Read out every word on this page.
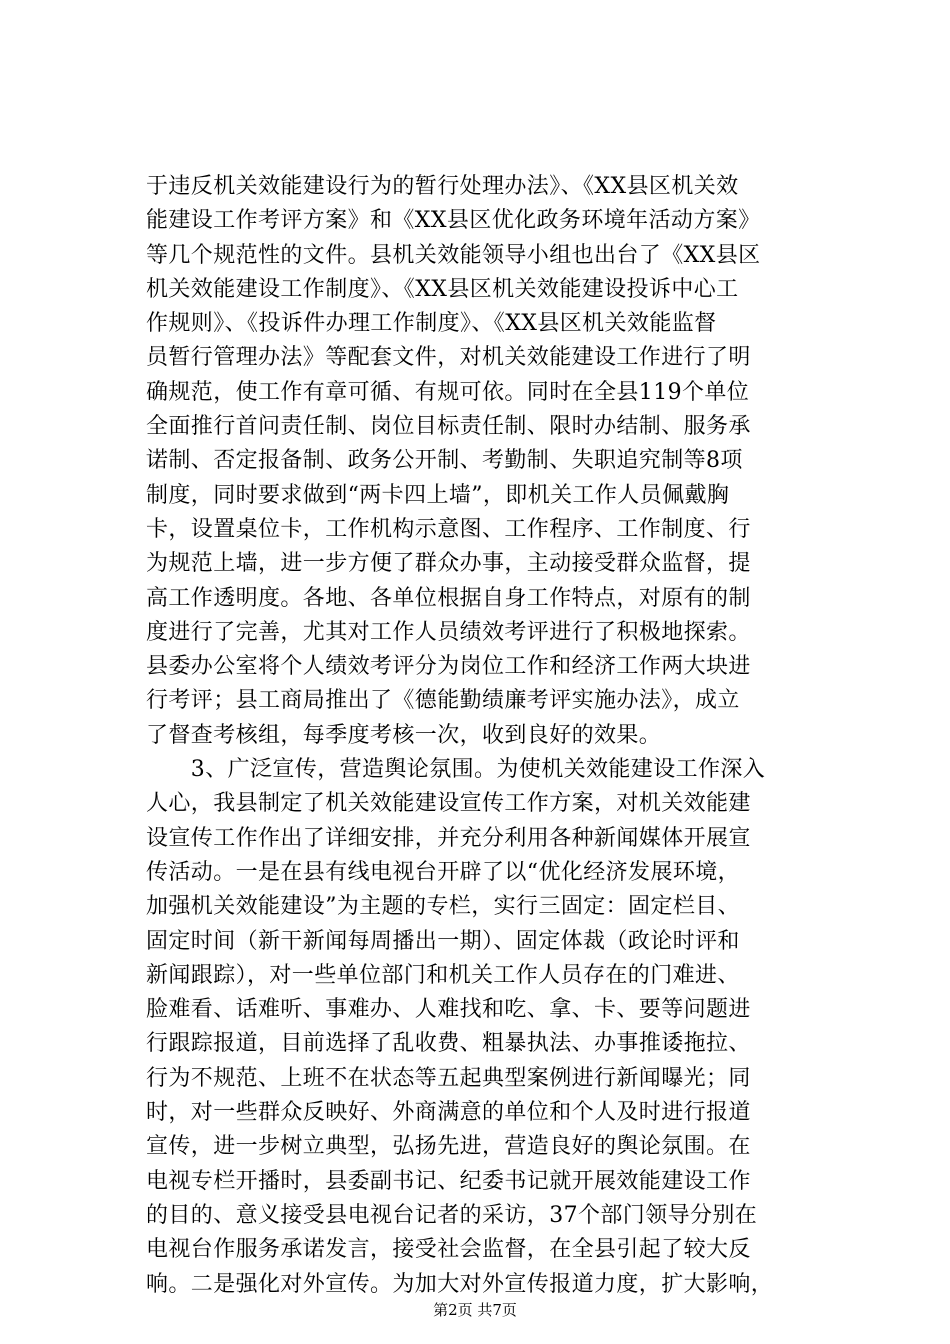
于违反机关效能建设行为的暂行处理办法》、《XX县区机关效
能建设工作考评方案》和《XX县区优化政务环境年活动方案》
等几个规范性的文件。县机关效能领导小组也出台了《XX县区
机关效能建设工作制度》、《XX县区机关效能建设投诉中心工
作规则》、《投诉件办理工作制度》、《XX县区机关效能监督
员暂行管理办法》等配套文件，对机关效能建设工作进行了明
确规范，使工作有章可循、有规可依。同时在全县119个单位
全面推行首问责任制、岗位目标责任制、限时办结制、服务承
诺制、否定报备制、政务公开制、考勤制、失职追究制等8项
制度，同时要求做到“两卡四上墙”，即机关工作人员佩戴胸
卡，设置桌位卡，工作机构示意图、工作程序、工作制度、行
为规范上墙，进一步方便了群众办事，主动接受群众监督，提
高工作透明度。各地、各单位根据自身工作特点，对原有的制
度进行了完善，尤其对工作人员绩效考评进行了积极地探索。
县委办公室将个人绩效考评分为岗位工作和经济工作两大块进
行考评；县工商局推出了《德能勤绩廉考评实施办法》，成立
了督查考核组，每季度考核一次，收到良好的效果。
　　3、广泛宣传，营造舆论氛围。为使机关效能建设工作深入
人心，我县制定了机关效能建设宣传工作方案，对机关效能建
设宣传工作作出了详细安排，并充分利用各种新闻媒体开展宣
传活动。一是在县有线电视台开辟了以“优化经济发展环境，
加强机关效能建设”为主题的专栏，实行三固定：固定栏目、
固定时间（新干新闻每周播出一期）、固定体裁（政论时评和
新闻跟踪），对一些单位部门和机关工作人员存在的门难进、
脸难看、话难听、事难办、人难找和吃、拿、卡、要等问题进
行跟踪报道，目前选择了乱收费、粗暴执法、办事推诿拖拉、
行为不规范、上班不在状态等五起典型案例进行新闻曝光；同
时，对一些群众反映好、外商满意的单位和个人及时进行报道
宣传，进一步树立典型，弘扬先进，营造良好的舆论氛围。在
电视专栏开播时，县委副书记、纪委书记就开展效能建设工作
的目的、意义接受县电视台记者的采访，37个部门领导分别在
电视台作服务承诺发言，接受社会监督，在全县引起了较大反
响。二是强化对外宣传。为加大对外宣传报道力度，扩大影响，
第2页 共7页
